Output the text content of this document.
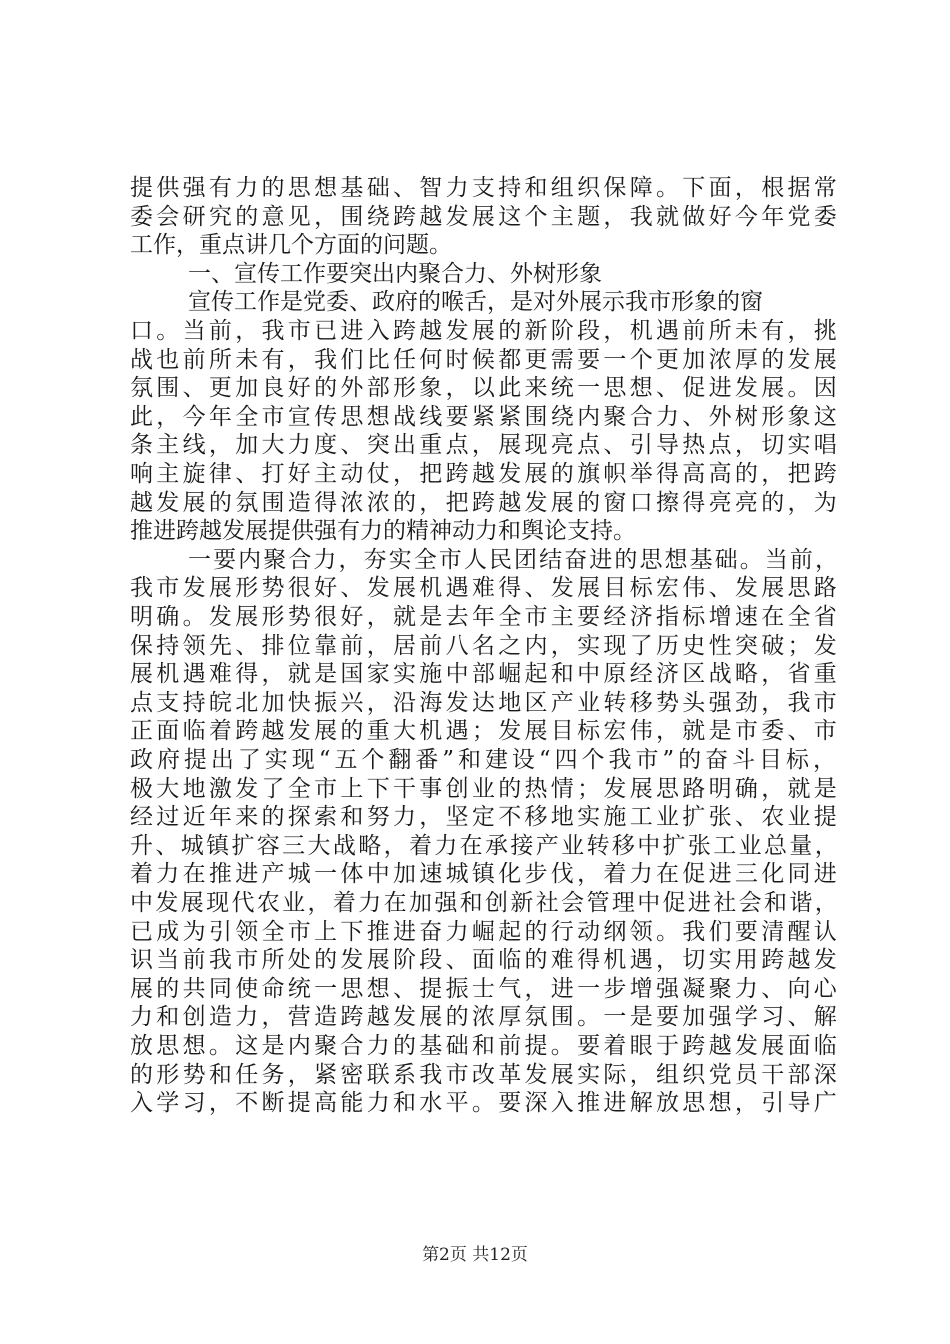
提供强有力的思想基础、智力支持和组织保障。下面，根据常
委会研究的意见，围绕跨越发展这个主题，我就做好今年党委
工作，重点讲几个方面的问题。
一、宣传工作要突出内聚合力、外树形象
宣传工作是党委、政府的喉舌，是对外展示我市形象的窗
口。当前，我市已进入跨越发展的新阶段，机遇前所未有，挑
战也前所未有，我们比任何时候都更需要一个更加浓厚的发展
氛围、更加良好的外部形象，以此来统一思想、促进发展。因
此，今年全市宣传思想战线要紧紧围绕内聚合力、外树形象这
条主线，加大力度、突出重点，展现亮点、引导热点，切实唱
响主旋律、打好主动仗，把跨越发展的旗帜举得高高的，把跨
越发展的氛围造得浓浓的，把跨越发展的窗口擦得亮亮的，为
推进跨越发展提供强有力的精神动力和舆论支持。
一要内聚合力，夯实全市人民团结奋进的思想基础。当前，
我市发展形势很好、发展机遇难得、发展目标宏伟、发展思路
明确。发展形势很好，就是去年全市主要经济指标增速在全省
保持领先、排位靠前，居前八名之内，实现了历史性突破；发
展机遇难得，就是国家实施中部崛起和中原经济区战略，省重
点支持皖北加快振兴，沿海发达地区产业转移势头强劲，我市
正面临着跨越发展的重大机遇；发展目标宏伟，就是市委、市
政府提出了实现“五个翻番”和建设“四个我市”的奋斗目标，
极大地激发了全市上下干事创业的热情；发展思路明确，就是
经过近年来的探索和努力，坚定不移地实施工业扩张、农业提
升、城镇扩容三大战略，着力在承接产业转移中扩张工业总量，
着力在推进产城一体中加速城镇化步伐，着力在促进三化同进
中发展现代农业，着力在加强和创新社会管理中促进社会和谐，
已成为引领全市上下推进奋力崛起的行动纲领。我们要清醒认
识当前我市所处的发展阶段、面临的难得机遇，切实用跨越发
展的共同使命统一思想、提振士气，进一步增强凝聚力、向心
力和创造力，营造跨越发展的浓厚氛围。一是要加强学习、解
放思想。这是内聚合力的基础和前提。要着眼于跨越发展面临
的形势和任务，紧密联系我市改革发展实际，组织党员干部深
入学习，不断提高能力和水平。要深入推进解放思想，引导广
第2页 共12页
